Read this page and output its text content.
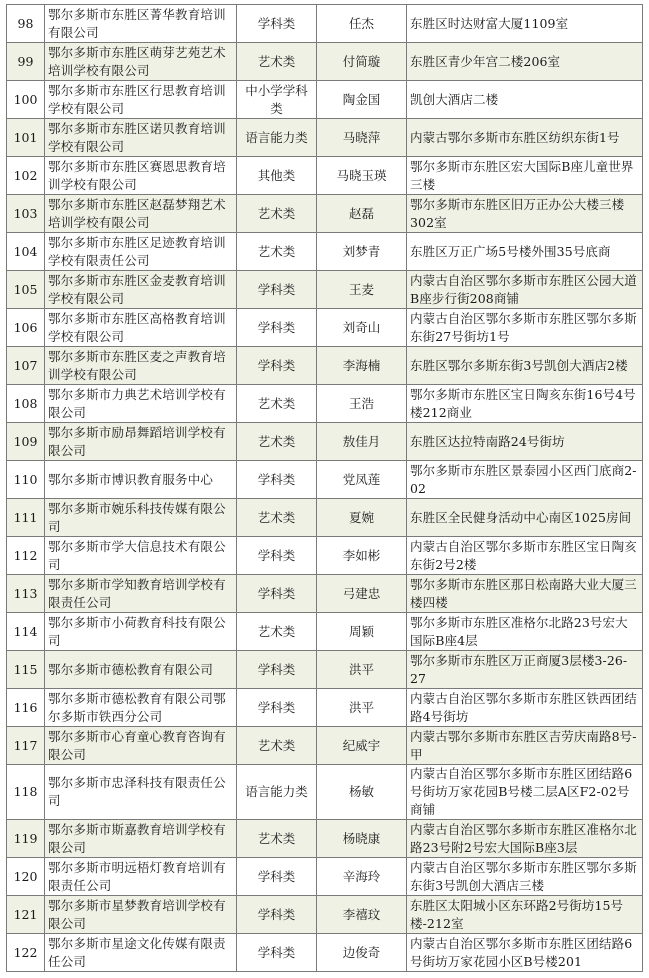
98	鄂尔多斯市东胜区菁华教育培训有限公司	学科类	任杰	东胜区时达财富大厦1109室
99	鄂尔多斯市东胜区萌芽艺苑艺术培训学校有限公司	艺术类	付简璇	东胜区青少年宫二楼206室
100	鄂尔多斯市东胜区行思教育培训学校有限公司	中小学学科类	陶金国	凯创大酒店二楼
101	鄂尔多斯市东胜区诺贝教育培训学校有限公司	语言能力类	马晓萍	内蒙古鄂尔多斯市东胜区纺织东街1号
102	鄂尔多斯市东胜区赛恩思教育培训学校有限公司	其他类	马晓玉瑛	鄂尔多斯市东胜区宏大国际B座儿童世界三楼
103	鄂尔多斯市东胜区赵磊梦翔艺术培训学校有限公司	艺术类	赵磊	鄂尔多斯市东胜区旧万正办公大楼三楼302室
104	鄂尔多斯市东胜区足迹教育培训学校有限责任公司	艺术类	刘梦青	东胜区万正广场5号楼外围35号底商
105	鄂尔多斯市东胜区金麦教育培训学校有限公司	学科类	王麦	内蒙古自治区鄂尔多斯市东胜区公园大道B座步行街208商铺
106	鄂尔多斯市东胜区高格教育培训学校有限公司	学科类	刘奇山	内蒙古自治区鄂尔多斯市东胜区鄂尔多斯东街27号街坊1号
107	鄂尔多斯市东胜区麦之声教育培训学校有限公司	学科类	李海楠	东胜区鄂尔多斯东街3号凯创大酒店2楼
108	鄂尔多斯市力典艺术培训学校有限公司	艺术类	王浩	鄂尔多斯市东胜区宝日陶亥东街16号4号楼212商业
109	鄂尔多斯市励昂舞蹈培训学校有限公司	艺术类	敖佳月	东胜区达拉特南路24号街坊
110	鄂尔多斯市博识教育服务中心	学科类	党凤莲	鄂尔多斯市东胜区景泰园小区西门底商2-02
111	鄂尔多斯市婉乐科技传媒有限公司	艺术类	夏婉	东胜区全民健身活动中心南区1025房间
112	鄂尔多斯市学大信息技术有限公司	学科类	李如彬	内蒙古自治区鄂尔多斯市东胜区宝日陶亥东街2号2楼
113	鄂尔多斯市学知教育培训学校有限责任公司	学科类	弓建忠	鄂尔多斯市东胜区那日松南路大业大厦三楼四楼
114	鄂尔多斯市小荷教育科技有限公司	艺术类	周颖	鄂尔多斯市东胜区准格尔北路23号宏大国际B座4层
115	鄂尔多斯市德松教育有限公司	学科类	洪平	鄂尔多斯市东胜区万正商厦3层楼3-26-27
116	鄂尔多斯市德松教育有限公司鄂尔多斯市铁西分公司	学科类	洪平	内蒙古自治区鄂尔多斯市东胜区铁西团结路4号街坊
117	鄂尔多斯市心育童心教育咨询有限公司	艺术类	纪威宇	内蒙古鄂尔多斯市东胜区吉劳庆南路8号-甲
118	鄂尔多斯市忠泽科技有限责任公司	语言能力类	杨敏	内蒙古自治区鄂尔多斯市东胜区团结路6号街坊万家花园B号楼二层A区F2-02号商铺
119	鄂尔多斯市斯嘉教育培训学校有限公司	艺术类	杨晓康	内蒙古自治区鄂尔多斯市东胜区准格尔北路23号附2号宏大国际B座3层
120	鄂尔多斯市明远梧灯教育培训有限责任公司	学科类	辛海玲	内蒙古自治区鄂尔多斯市东胜区鄂尔多斯东街3号凯创大酒店三楼
121	鄂尔多斯市星梦教育培训学校有限公司	学科类	李禧玟	东胜区太阳城小区东环路2号街坊15号楼-212室
122	鄂尔多斯市星途文化传媒有限责任公司	学科类	边俊奇	内蒙古自治区鄂尔多斯市东胜区团结路6号街坊万家花园小区B号楼201
